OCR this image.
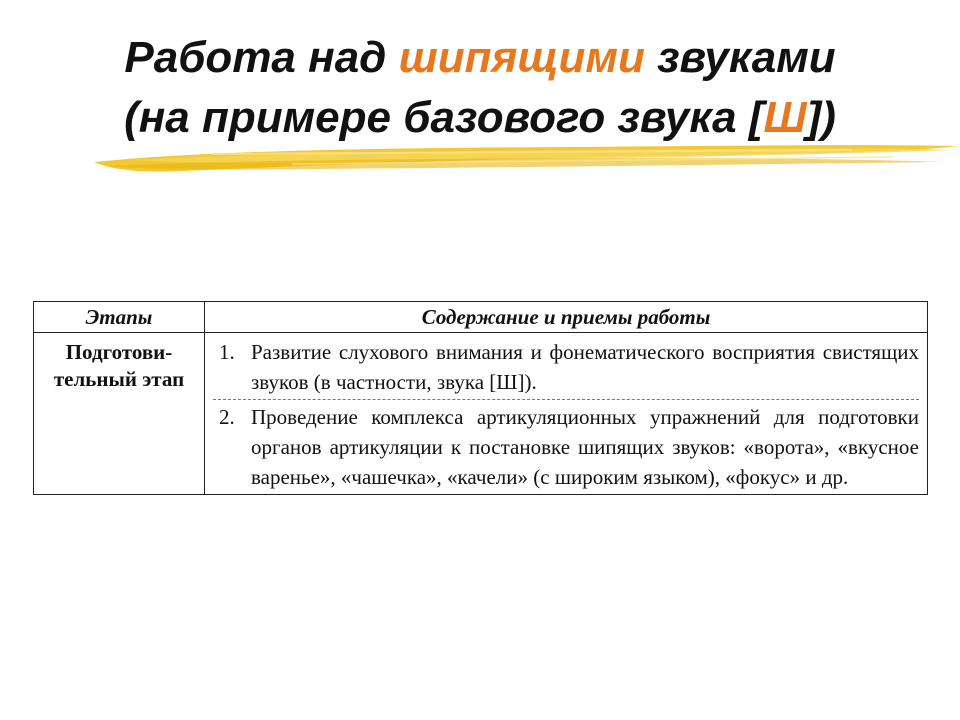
Работа над шипящими звуками
(на примере базового звука [Ш])
Этапы	Содержание и приемы работы
Подготови-тельный этап	1. Развитие слухового внимания и фонематического восприятия свистящих звуков (в частности, звука [Ш]).
2. Проведение комплекса артикуляционных упражнений для подготовки органов артикуляции к постановке шипящих звуков: «ворота», «вкусное варенье», «чашечка», «качели» (с широким языком), «фокус» и др.
